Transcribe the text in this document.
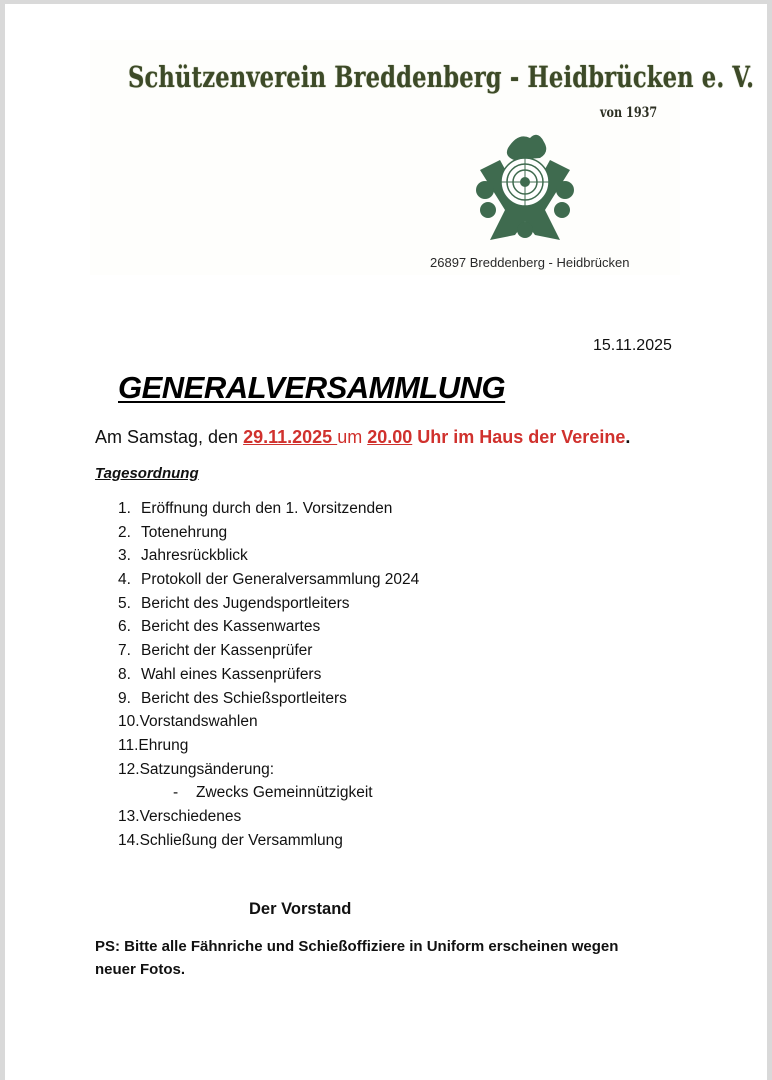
Schützenverein Breddenberg - Heidbrücken e. V.
von 1937
26897 Breddenberg - Heidbrücken
15.11.2025
GENERALVERSAMMLUNG
Am Samstag, den 29.11.2025 um 20.00 Uhr im Haus der Vereine.
Tagesordnung
1. Eröffnung durch den 1. Vorsitzenden
2. Totenehrung
3. Jahresrückblick
4. Protokoll der Generalversammlung 2024
5. Bericht des Jugendsportleiters
6. Bericht des Kassenwartes
7. Bericht der Kassenprüfer
8. Wahl eines Kassenprüfers
9. Bericht des Schießsportleiters
10.Vorstandswahlen
11.Ehrung
12.Satzungsänderung:
- Zwecks Gemeinnützigkeit
13.Verschiedenes
14.Schließung der Versammlung
Der Vorstand
PS: Bitte alle Fähnriche und Schießoffiziere in Uniform erscheinen wegen neuer Fotos.
